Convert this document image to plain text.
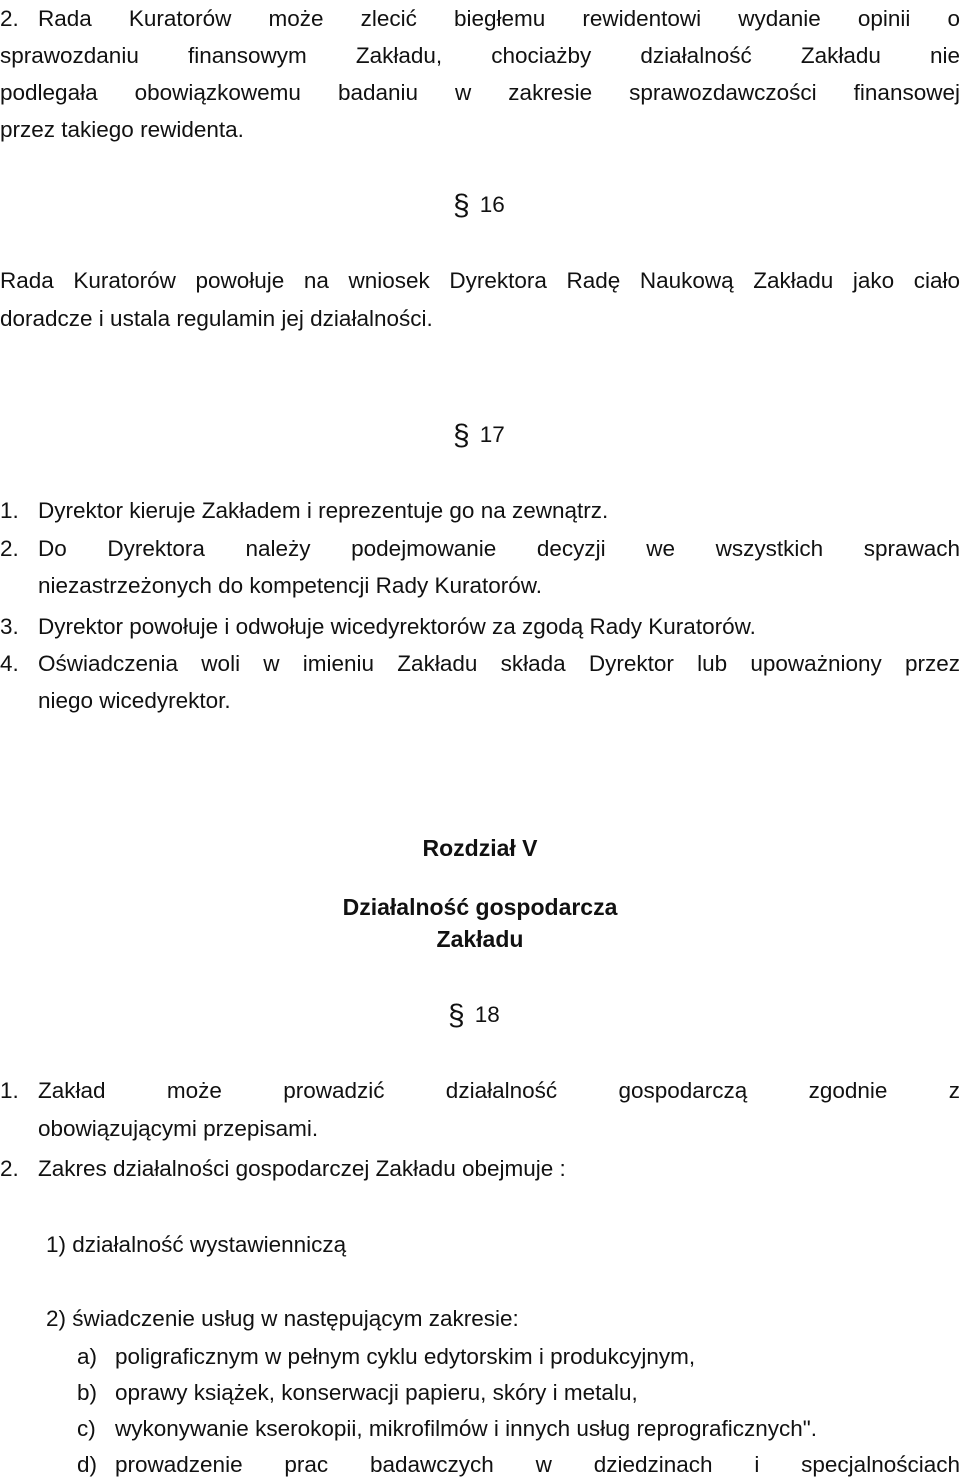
2. Rada Kuratorów może zlecić biegłemu rewidentowi wydanie opinii o
sprawozdaniu finansowym Zakładu, chociażby działalność Zakładu nie
podlegała obowiązkowemu badaniu w zakresie sprawozdawczości finansowej
przez takiego rewidenta.
§ 16
Rada Kuratorów powołuje na wniosek Dyrektora Radę Naukową Zakładu jako ciało
doradcze i ustala regulamin jej działalności.
§ 17
1. Dyrektor kieruje Zakładem i reprezentuje go na zewnątrz.
2. Do Dyrektora należy podejmowanie decyzji we wszystkich sprawach
niezastrzeżonych do kompetencji Rady Kuratorów.
3. Dyrektor powołuje i odwołuje wicedyrektorów za zgodą Rady Kuratorów.
4. Oświadczenia woli w imieniu Zakładu składa Dyrektor lub upoważniony przez
niego wicedyrektor.
Rozdział V
Działalność gospodarcza
Zakładu
§ 18
1. Zakład może prowadzić działalność gospodarczą zgodnie z
obowiązującymi przepisami.
2. Zakres działalności gospodarczej Zakładu obejmuje :
1) działalność wystawienniczą
2) świadczenie usług w następującym zakresie:
a) poligraficznym w pełnym cyklu edytorskim i produkcyjnym,
b) oprawy książek, konserwacji papieru, skóry i metalu,
c) wykonywanie kserokopii, mikrofilmów i innych usług reprograficznych".
d) prowadzenie prac badawczych w dziedzinach i specjalnościach
